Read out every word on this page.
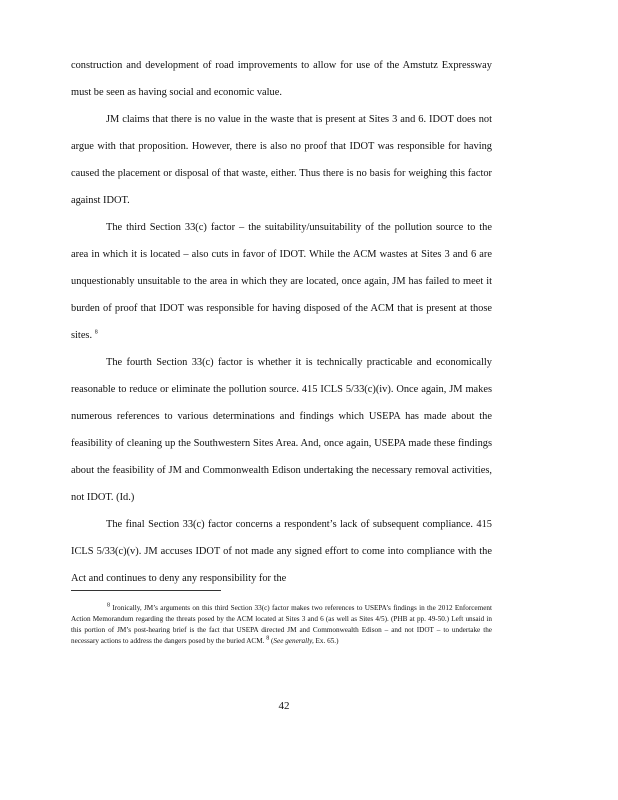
construction and development of road improvements to allow for use of the Amstutz Expressway must be seen as having social and economic value.

JM claims that there is no value in the waste that is present at Sites 3 and 6. IDOT does not argue with that proposition. However, there is also no proof that IDOT was responsible for having caused the placement or disposal of that waste, either. Thus there is no basis for weighing this factor against IDOT.

The third Section 33(c) factor – the suitability/unsuitability of the pollution source to the area in which it is located – also cuts in favor of IDOT. While the ACM wastes at Sites 3 and 6 are unquestionably unsuitable to the area in which they are located, once again, JM has failed to meet it burden of proof that IDOT was responsible for having disposed of the ACM that is present at those sites. $^8$

The fourth Section 33(c) factor is whether it is technically practicable and economically reasonable to reduce or eliminate the pollution source. 415 ICLS 5/33(c)(iv). Once again, JM makes numerous references to various determinations and findings which USEPA has made about the feasibility of cleaning up the Southwestern Sites Area. And, once again, USEPA made these findings about the feasibility of JM and Commonwealth Edison undertaking the necessary removal activities, not IDOT. (Id.)

The final Section 33(c) factor concerns a respondent’s lack of subsequent compliance. 415 ICLS 5/33(c)(v). JM accuses IDOT of not made any signed effort to come into compliance with the Act and continues to deny any responsibility for the

$^8$ Ironically, JM’s arguments on this third Section 33(c) factor makes two references to USEPA’s findings in the 2012 Enforcement Action Memorandum regarding the threats posed by the ACM located at Sites 3 and 6 (as well as Sites 4/5). (PHB at pp. 49-50.) Left unsaid in this portion of JM’s post-hearing brief is the fact that USEPA directed JM and Commonwealth Edison – and not IDOT – to undertake the necessary actions to address the dangers posed by the buried ACM. $^8$ (See generally, Ex. 65.)
42
